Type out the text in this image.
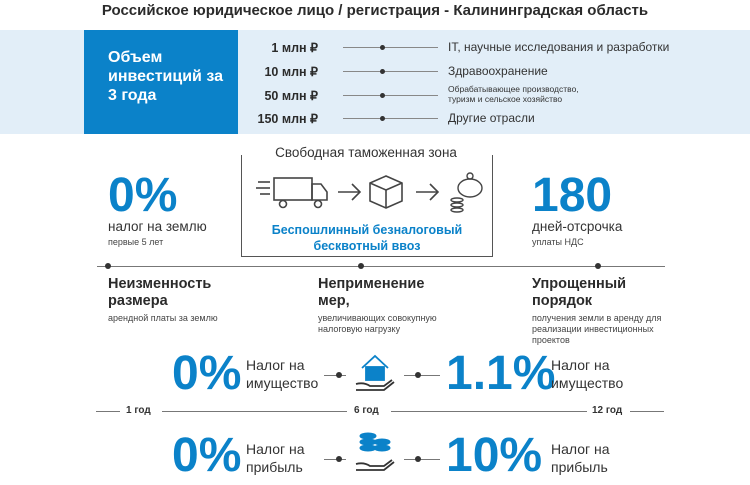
Российское юридическое лицо / регистрация - Калининградская область
Объем инвестиций за 3 года
1 млн ₽	IT, научные исследования и разработки
10 млн ₽	Здравоохранение
50 млн ₽	Обрабатывающее производство, туризм и сельское хозяйство
150 млн ₽	Другие отрасли
0%
налог на землю
первые 5 лет
Свободная таможенная зона
Беспошлинный безналоговый
бесквотный ввоз
180
дней-отсрочка
уплаты НДС
Неизменность
размера
арендной платы за землю
Неприменение
мер,
увеличивающих совокупную налоговую нагрузку
Упрощенный
порядок
получения земли в аренду для реализации инвестиционных проектов
0% Налог на
имущество	1.1%
Налог на
имущество
1 год	6 год	12 год
0% Налог на
прибыль	10% Налог на
прибыль
